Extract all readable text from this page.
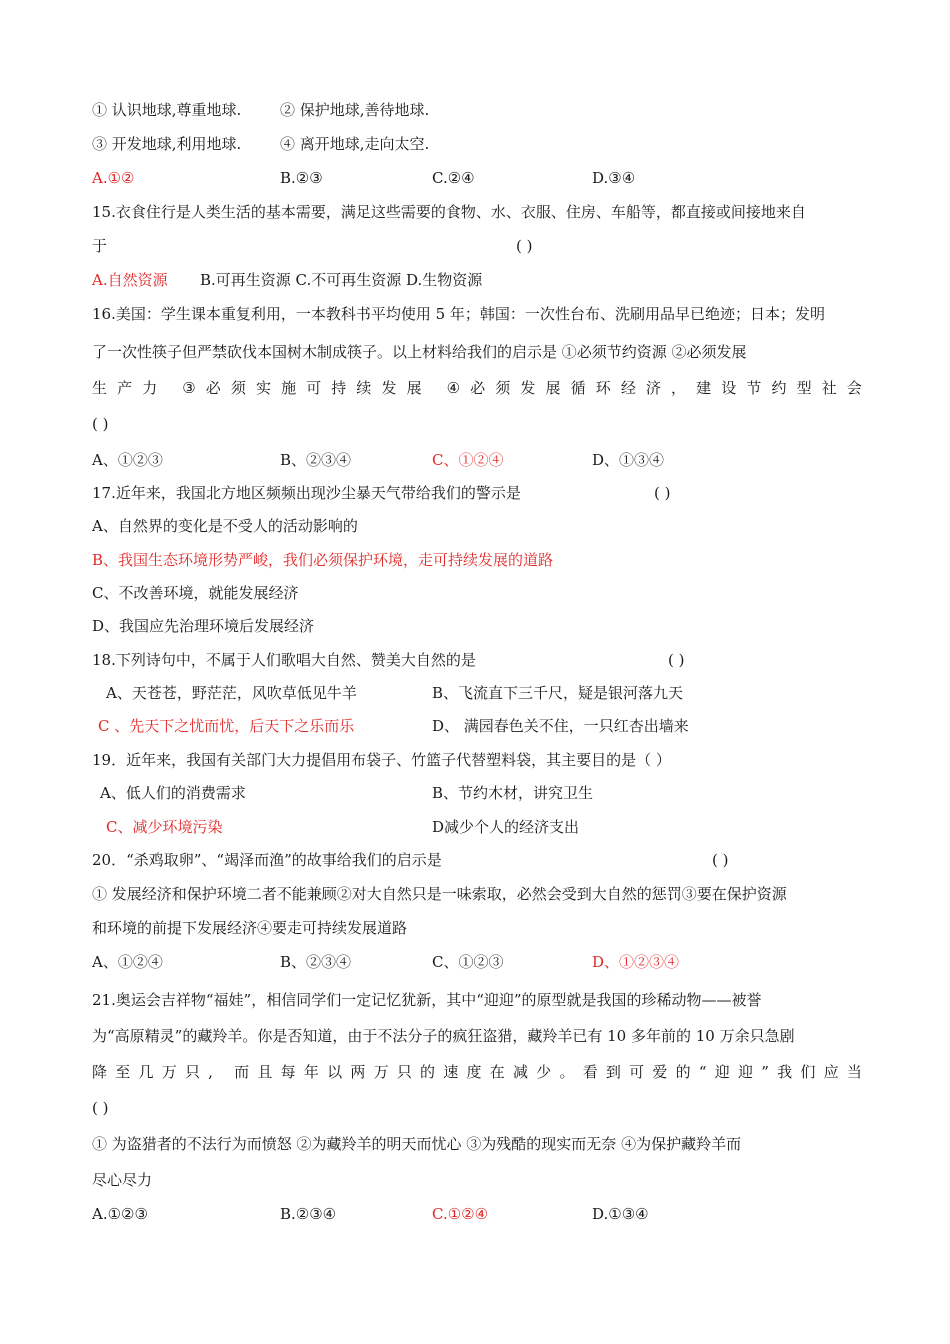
① 认识地球,尊重地球.	② 保护地球,善待地球.
③ 开发地球,利用地球.	④ 离开地球,走向太空.
A.①②	B.②③	C.②④	D.③④
15.衣食住行是人类生活的基本需要，满足这些需要的食物、水、衣服、住房、车船等，都直接或间接地来自
于	( )
A.自然资源 B.可再生资源 C.不可再生资源 D.生物资源
16.美国：学生课本重复利用，一本教科书平均使用 5 年；韩国：一次性台布、洗刷用品早已绝迹；日本；发明
了一次性筷子但严禁砍伐本国树木制成筷子。以上材料给我们的启示是 ①必须节约资源 ②必须发展
生 产 力
③ 必 须 实 施 可 持 续 发 展
④ 必 须 发 展 循 环 经 济 ， 建 设 节 约 型 社 会
( )
A、①②③	B、②③④	C、①②④	D、①③④
17.近年来，我国北方地区频频出现沙尘暴天气带给我们的警示是	( )
A、自然界的变化是不受人的活动影响的
B、我国生态环境形势严峻，我们必须保护环境，走可持续发展的道路
C、不改善环境，就能发展经济
D、我国应先治理环境后发展经济
18.下列诗句中，不属于人们歌唱大自然、赞美大自然的是	( )
A、天苍苍，野茫茫，风吹草低见牛羊	B、飞流直下三千尺，疑是银河落九天
C 、先天下之忧而忧，后天下之乐而乐	D、 满园春色关不住，一只红杏出墙来
19．近年来，我国有关部门大力提倡用布袋子、竹篮子代替塑料袋，其主要目的是（ ）
A、低人们的消费需求	B、节约木材，讲究卫生
C、减少环境污染	D减少个人的经济支出
20．“杀鸡取卵”、“竭泽而渔”的故事给我们的启示是	( )
① 发展经济和保护环境二者不能兼顾②对大自然只是一味索取，必然会受到大自然的惩罚③要在保护资源
和环境的前提下发展经济④要走可持续发展道路
A、①②④	B、②③④	C、①②③	D、①②③④
21.奥运会吉祥物“福娃”，相信同学们一定记忆犹新，其中“迎迎”的原型就是我国的珍稀动物——被誉
为“高原精灵”的藏羚羊。你是否知道，由于不法分子的疯狂盗猎，藏羚羊已有 10 多年前的 10 万余只急剧
降 至 几 万 只 ,
而 且 每 年 以 两 万 只 的 速 度 在 减 少 。 看 到 可 爱 的 “ 迎 迎 ” 我 们 应 当
( )
① 为盗猎者的不法行为而愤怒 ②为藏羚羊的明天而忧心 ③为残酷的现实而无奈 ④为保护藏羚羊而
尽心尽力
A.①②③	B.②③④	C.①②④	D.①③④
